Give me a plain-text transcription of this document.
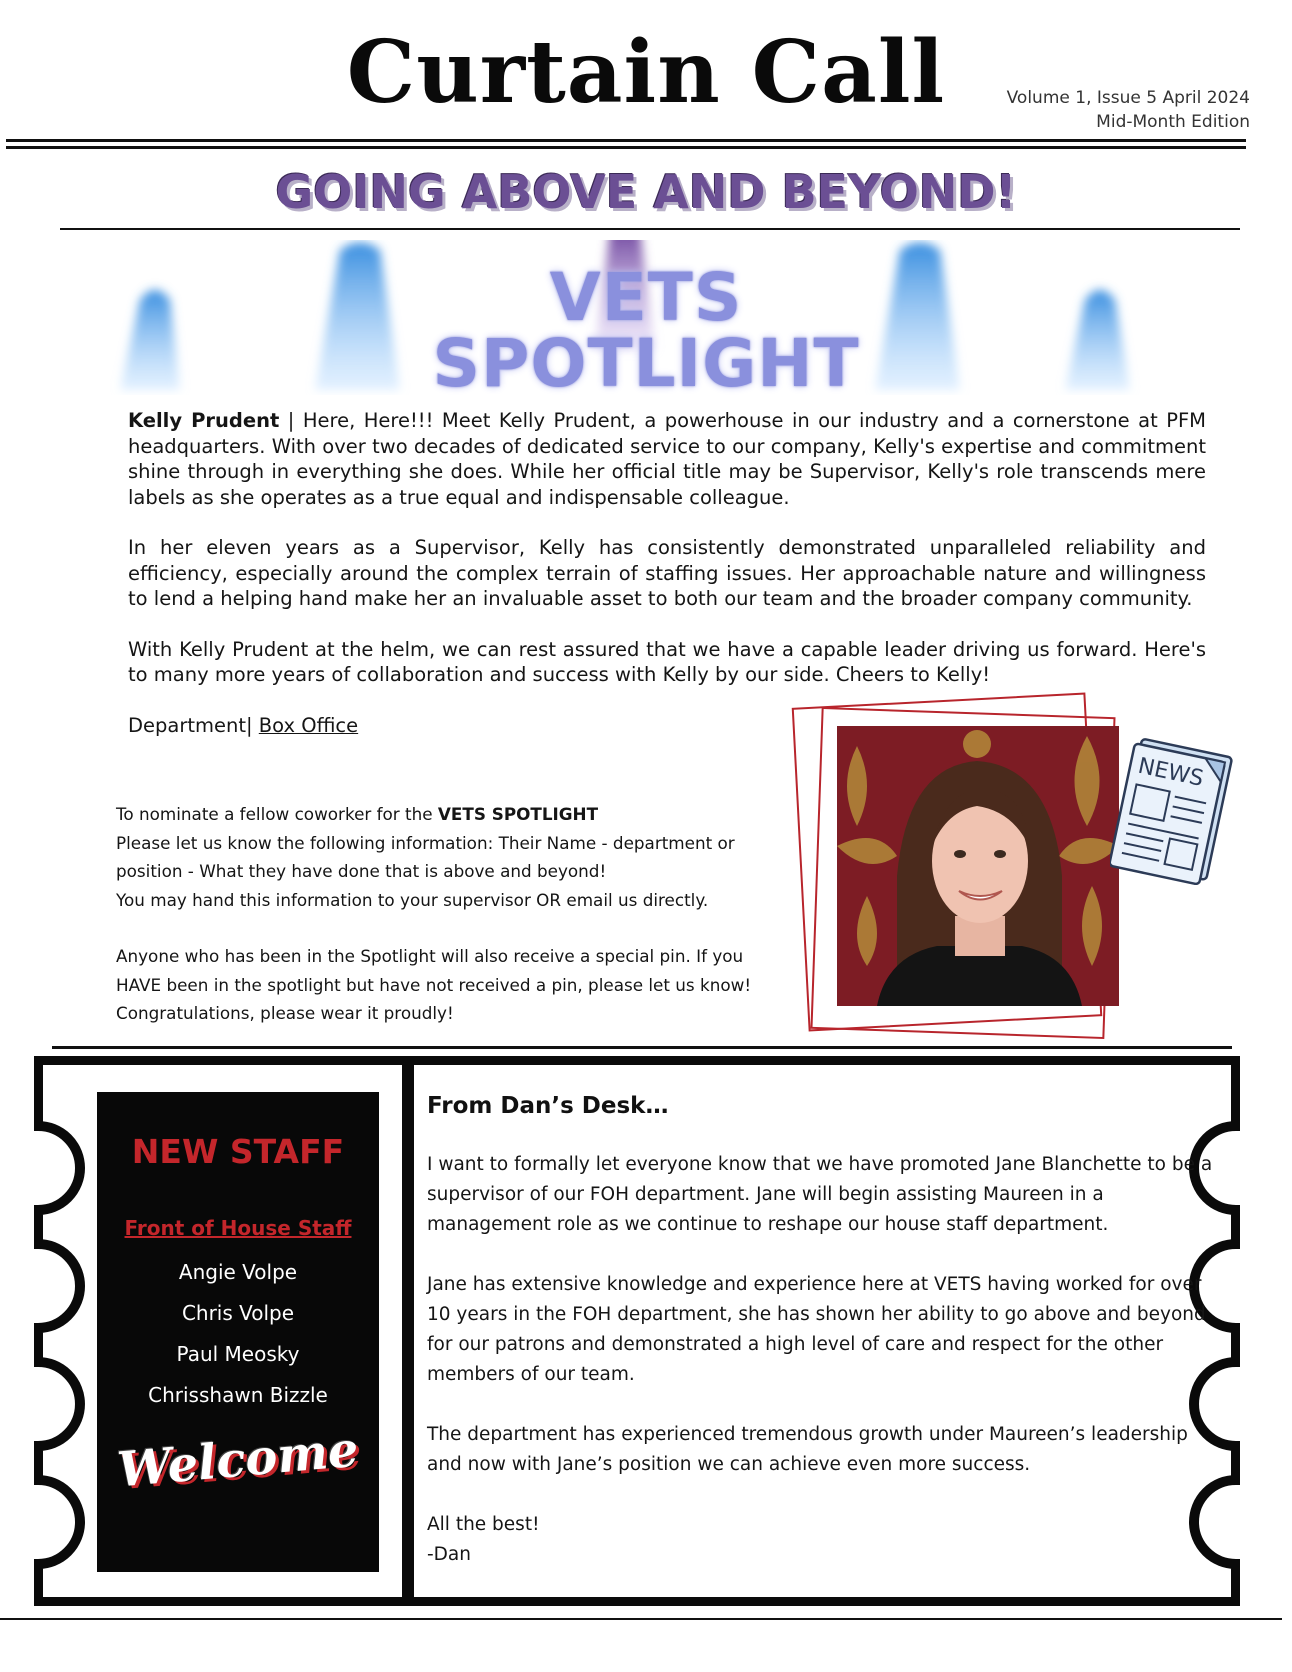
Curtain Call	Volume 1, Issue 5 April 2024
Mid-Month Edition
GOING ABOVE AND BEYOND!
VETS
SPOTLIGHT

Kelly Prudent | Here, Here!!! Meet Kelly Prudent, a powerhouse in our industry and a cornerstone at PFM headquarters. With over two decades of dedicated service to our company, Kelly's expertise and commitment shine through in everything she does. While her official title may be Supervisor, Kelly's role transcends mere labels as she operates as a true equal and indispensable colleague.

In her eleven years as a Supervisor, Kelly has consistently demonstrated unparalleled reliability and efficiency, especially around the complex terrain of staffing issues. Her approachable nature and willingness to lend a helping hand make her an invaluable asset to both our team and the broader company community.

With Kelly Prudent at the helm, we can rest assured that we have a capable leader driving us forward. Here's to many more years of collaboration and success with Kelly by our side. Cheers to Kelly!

Department| Box Office

To nominate a fellow coworker for the VETS SPOTLIGHT
Please let us know the following information: Their Name - department or position - What they have done that is above and beyond!
You may hand this information to your supervisor OR email us directly.

Anyone who has been in the Spotlight will also receive a special pin. If you HAVE been in the spotlight but have not received a pin, please let us know! Congratulations, please wear it proudly!

NEWS
NEW STAFF
Front of House Staff
Angie Volpe
Chris Volpe
Paul Meosky
Chrisshawn Bizzle
Welcome
From Dan’s Desk…

I want to formally let everyone know that we have promoted Jane Blanchette to be a supervisor of our FOH department. Jane will begin assisting Maureen in a management role as we continue to reshape our house staff department.

Jane has extensive knowledge and experience here at VETS having worked for over 10 years in the FOH department, she has shown her ability to go above and beyond for our patrons and demonstrated a high level of care and respect for the other members of our team.

The department has experienced tremendous growth under Maureen’s leadership and now with Jane’s position we can achieve even more success.

All the best!
-Dan
